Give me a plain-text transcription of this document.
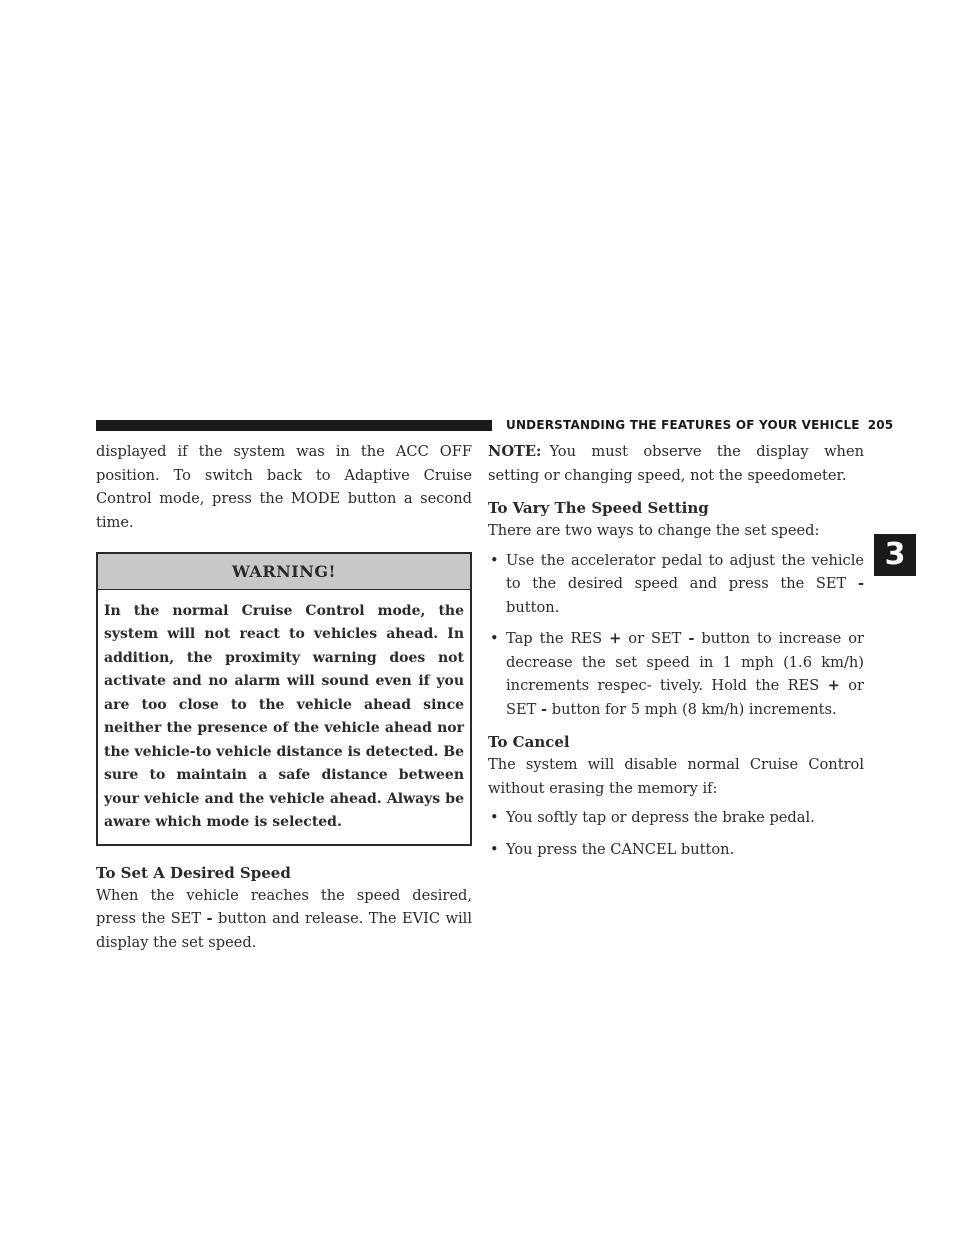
UNDERSTANDING THE FEATURES OF YOUR VEHICLE 205
3

displayed if the system was in the ACC OFF position. To switch back to Adaptive Cruise Control mode, press the MODE button a second time.

WARNING!
In the normal Cruise Control mode, the system will not react to vehicles ahead. In addition, the proximity warning does not activate and no alarm will sound even if you are too close to the vehicle ahead since neither the presence of the vehicle ahead nor the vehicle-to vehicle distance is detected. Be sure to maintain a safe distance between your vehicle and the vehicle ahead. Always be aware which mode is selected.
To Set A Desired Speed

When the vehicle reaches the speed desired, press the SET - button and release. The EVIC will display the set speed.

NOTE: You must observe the display when setting or changing speed, not the speedometer.

To Vary The Speed Setting

There are two ways to change the set speed:

• Use the accelerator pedal to adjust the vehicle to the desired speed and press the SET - button.
• Tap the RES + or SET - button to increase or decrease the set speed in 1 mph (1.6 km/h) increments respec- tively. Hold the RES + or SET - button for 5 mph (8 km/h) increments.
To Cancel

The system will disable normal Cruise Control without erasing the memory if:

• You softly tap or depress the brake pedal.
• You press the CANCEL button.
